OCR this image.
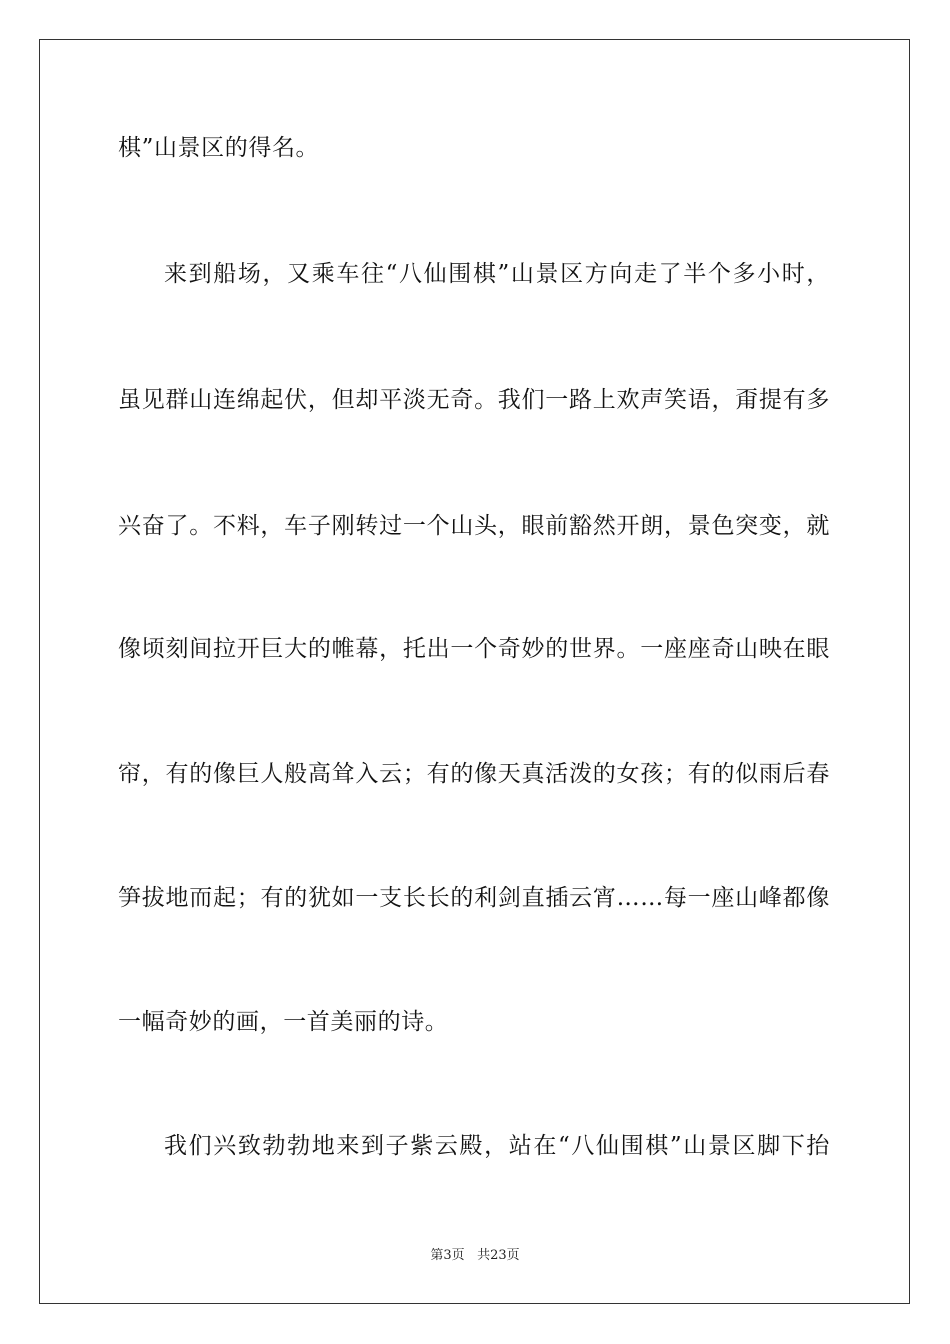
棋”山景区的得名。
来到船场，又乘车往“八仙围棋”山景区方向走了半个多小时，
虽见群山连绵起伏，但却平淡无奇。我们一路上欢声笑语，甭提有多
兴奋了。不料，车子刚转过一个山头，眼前豁然开朗，景色突变，就
像顷刻间拉开巨大的帷幕，托出一个奇妙的世界。一座座奇山映在眼
帘，有的像巨人般高耸入云；有的像天真活泼的女孩；有的似雨后春
笋拔地而起；有的犹如一支长长的利剑直插云宵……每一座山峰都像
一幅奇妙的画，一首美丽的诗。
我们兴致勃勃地来到子紫云殿，站在“八仙围棋”山景区脚下抬
第3页 共23页
